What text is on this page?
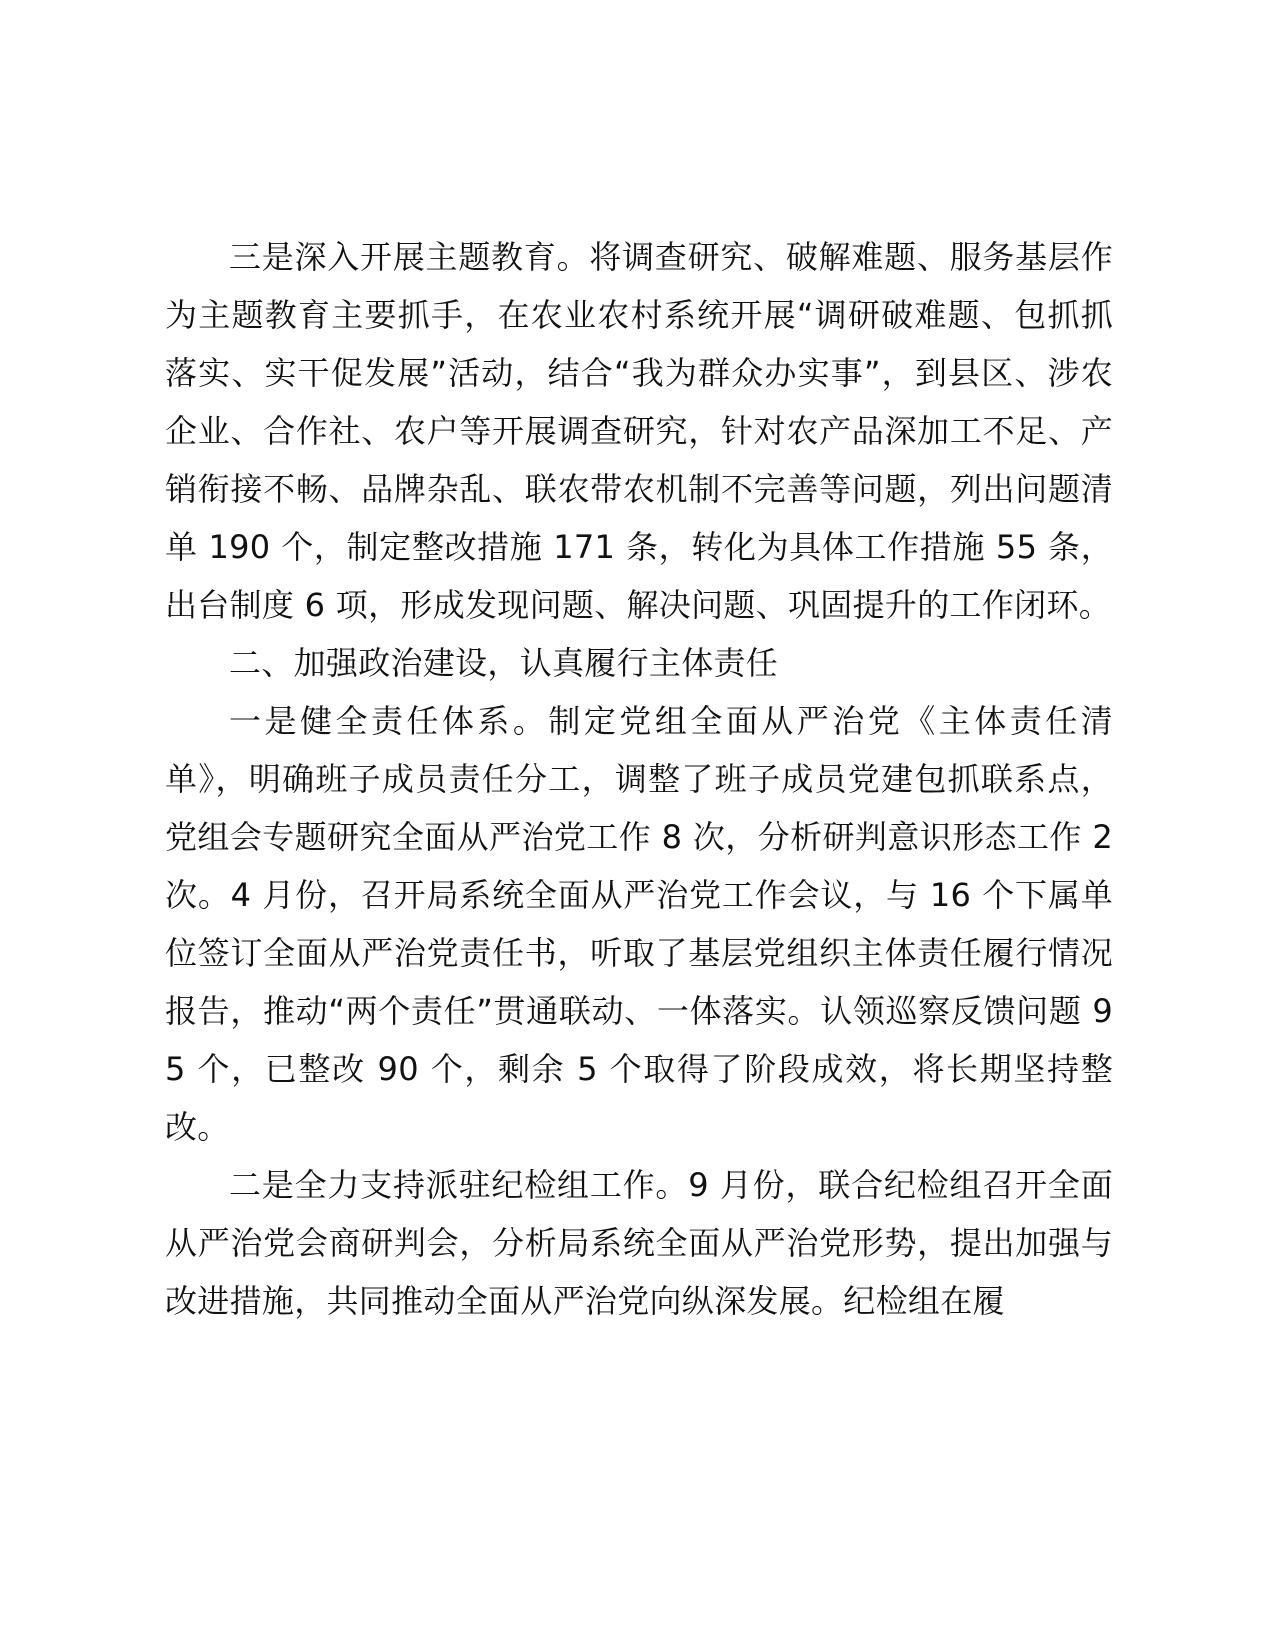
三是深入开展主题教育。将调查研究、破解难题、服务基层作为主题教育主要抓手，在农业农村系统开展“调研破难题、包抓抓落实、实干促发展”活动，结合“我为群众办实事”，到县区、涉农企业、合作社、农户等开展调查研究，针对农产品深加工不足、产销衔接不畅、品牌杂乱、联农带农机制不完善等问题，列出问题清单 190 个，制定整改措施 171 条，转化为具体工作措施 55 条，出台制度 6 项，形成发现问题、解决问题、巩固提升的工作闭环。

二、加强政治建设，认真履行主体责任

一是健全责任体系。制定党组全面从严治党《主体责任清单》，明确班子成员责任分工，调整了班子成员党建包抓联系点，党组会专题研究全面从严治党工作 8 次，分析研判意识形态工作 2 次。4 月份，召开局系统全面从严治党工作会议，与 16 个下属单位签订全面从严治党责任书，听取了基层党组织主体责任履行情况报告，推动“两个责任”贯通联动、一体落实。认领巡察反馈问题 95 个，已整改 90 个，剩余 5 个取得了阶段成效，将长期坚持整改。

二是全力支持派驻纪检组工作。9 月份，联合纪检组召开全面从严治党会商研判会，分析局系统全面从严治党形势，提出加强与改进措施，共同推动全面从严治党向纵深发展。纪检组在履
